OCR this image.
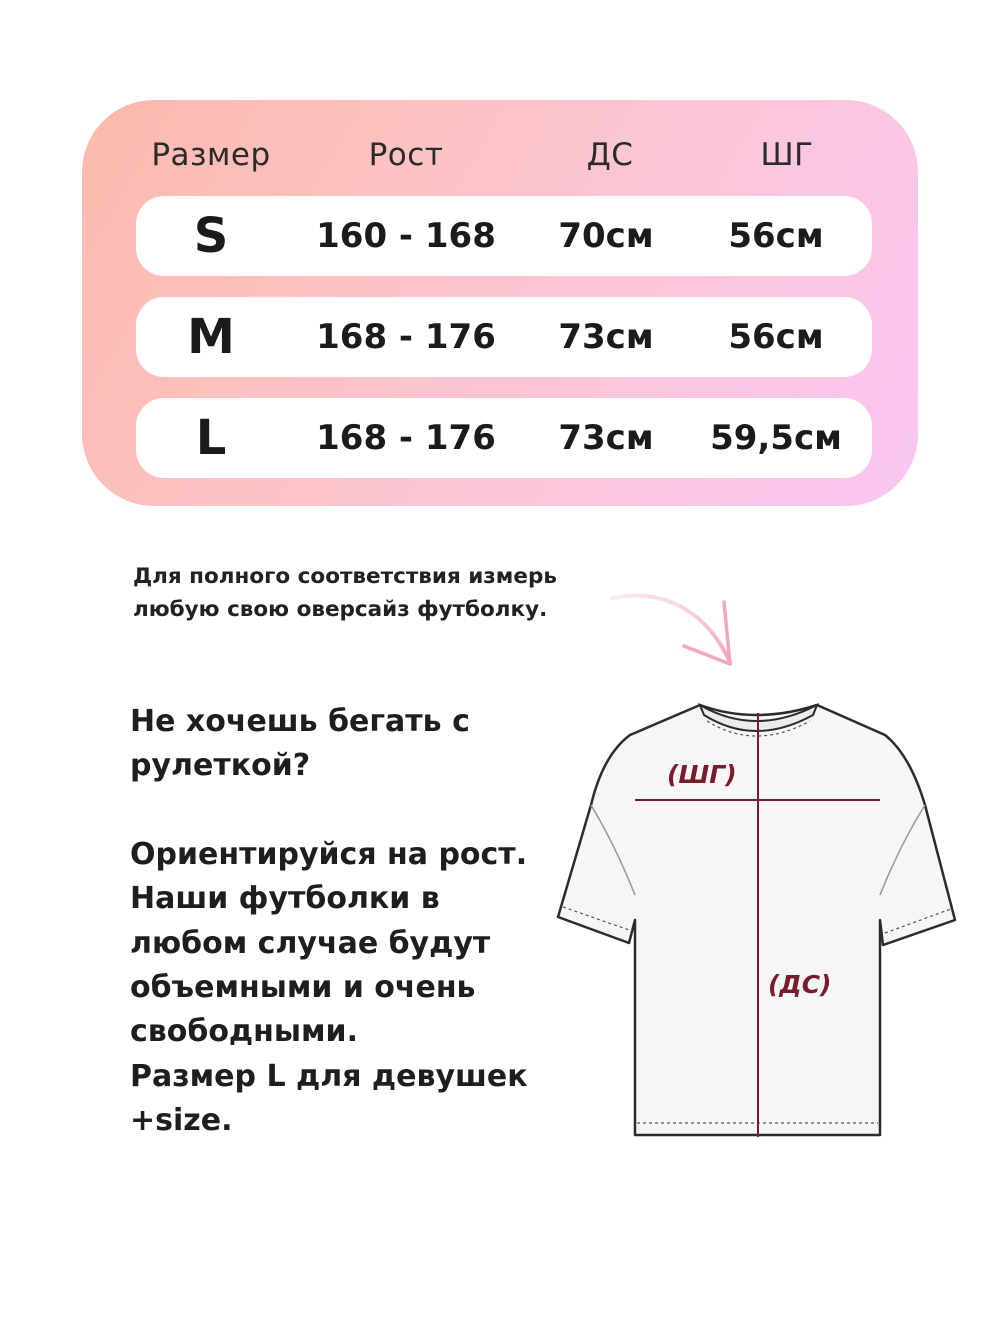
Размер	Рост	ДС	ШГ
S	160 - 168	70см	56см
M	168 - 176	73см	56см
L	168 - 176	73см	59,5см
Для полного соответствия измерь
любую свою оверсайз футболку.
Не хочешь бегать с
рулеткой?
Ориентируйся на рост.
Наши футболки в
любом случае будут
объемными и очень
свободными.
Размер L для девушек
+size.
(ШГ)
(ДС)
